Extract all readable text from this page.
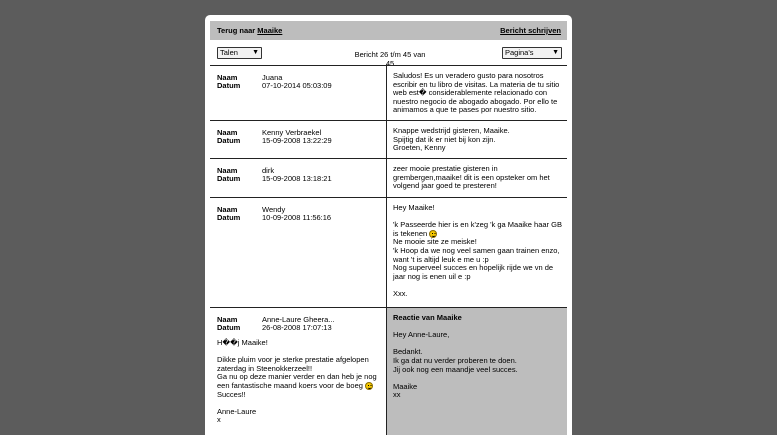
Terug naar Maaike	Bericht schrijven
Talen ▼	Bericht 26 t/m 45 van 45
Pagina's	▼
Naam	Juana
Datum	07-10-2014 05:03:09
Saludos! Es un veradero gusto para nosotros escribir en tu libro de visitas. La materia de tu sitio web est� considerablemente relacionado con nuestro negocio de abogado abogado. Por ello te animamos a que te pases por nuestro sitio.
Naam	Kenny Verbraekel
Datum	15-09-2008 13:22:29
Knappe wedstrijd gisteren, Maaike.
Spijtig dat ik er niet bij kon zijn.
Groeten, Kenny
Naam	dirk
Datum	15-09-2008 13:18:21
zeer mooie prestatie gisteren in grembergen,maaike! dit is een opsteker om het volgend jaar goed te presteren!
Naam	Wendy
Datum	10-09-2008 11:56:16

Hey Maaike!

'k Passeerde hier is en k'zeg 'k ga Maaike haar GB is tekenen

Ne mooie site ze meiske!

'k Hoop da we nog veel samen gaan trainen enzo, want 't is altijd leuk e me u :p

Nog superveel succes en hopelijk rijde we vn de jaar nog is enen uil e :p

Xxx.

Naam	Anne-Laure Gheera...
Datum	26-08-2008 17:07:13

H��j Maaike!

Dikke pluim voor je sterke prestatie afgelopen zaterdag in Steenokkerzeel!!

Ga nu op deze manier verder en dan heb je nog een fantastische maand koers voor de boeg

Succes!!

Anne-Laure

x

Reactie van Maaike

Hey Anne-Laure,

Bedankt.

Ik ga dat nu verder proberen te doen.

Jij ook nog een maandje veel succes.

Maaike

xx
